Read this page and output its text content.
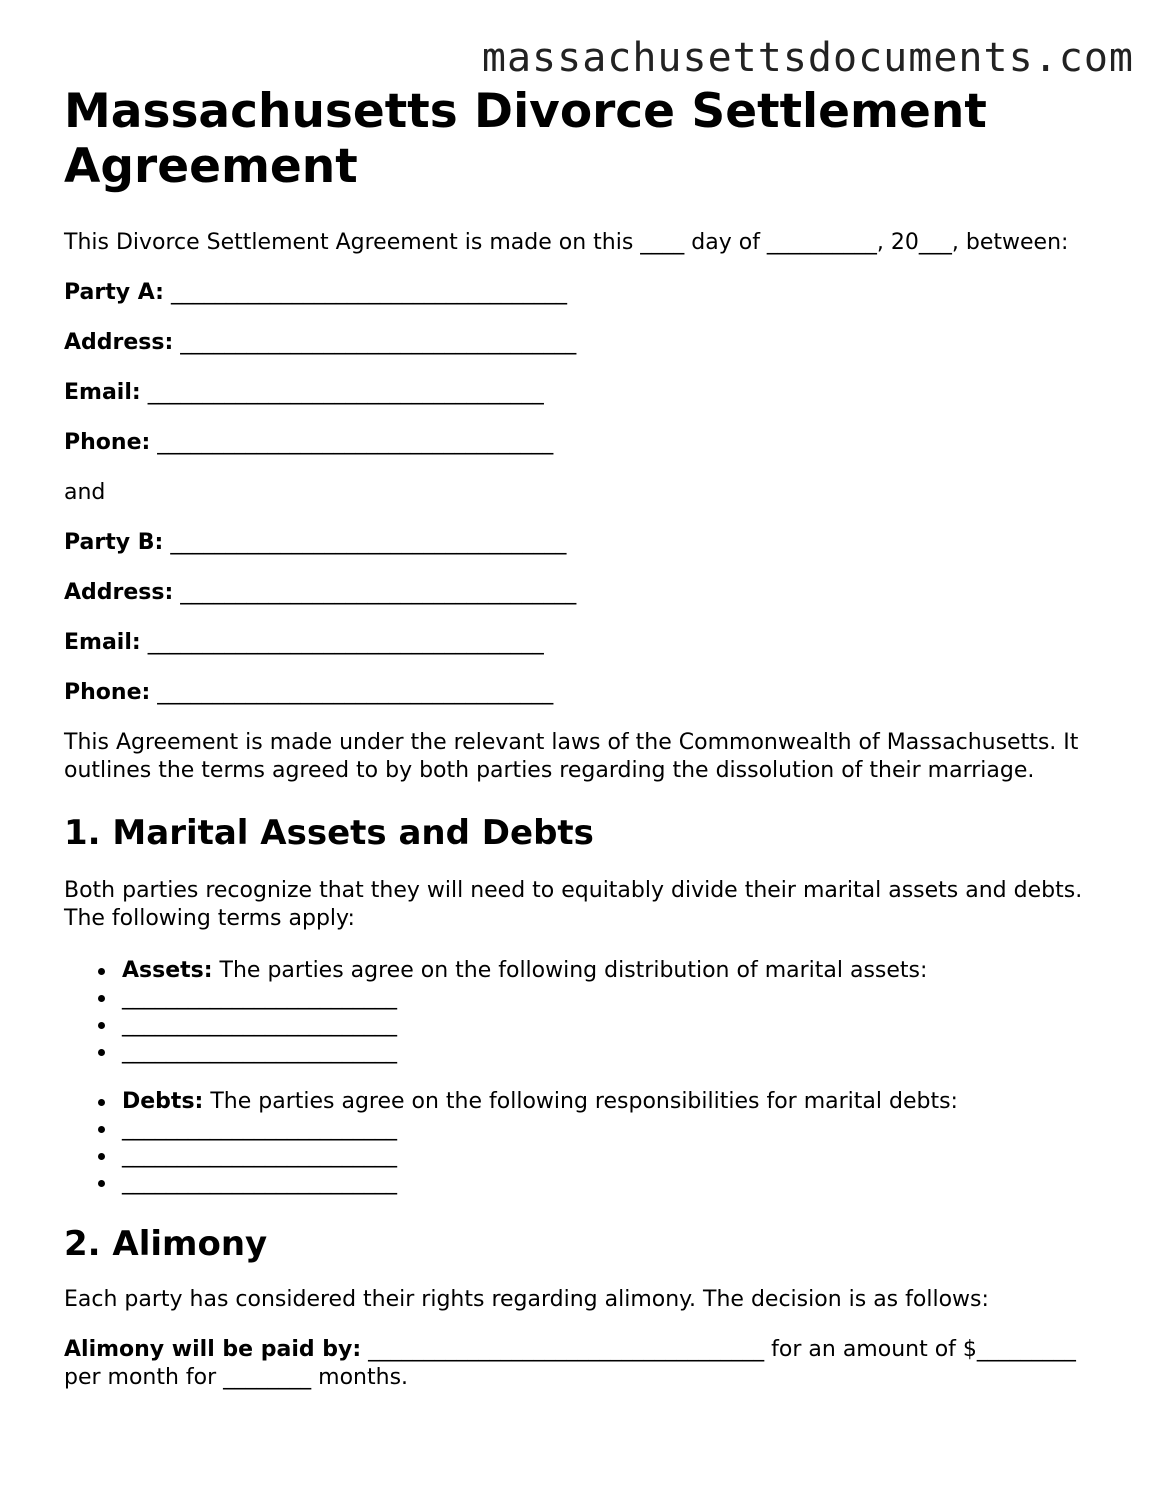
massachusettsdocuments.com
Massachusetts Divorce Settlement Agreement

This Divorce Settlement Agreement is made on this ____ day of __________, 20___, between:

Party A: ____________________________________

Address: ____________________________________

Email: ____________________________________

Phone: ____________________________________

and

Party B: ____________________________________

Address: ____________________________________

Email: ____________________________________

Phone: ____________________________________

This Agreement is made under the relevant laws of the Commonwealth of Massachusetts. It outlines the terms agreed to by both parties regarding the dissolution of their marriage.

1. Marital Assets and Debts

Both parties recognize that they will need to equitably divide their marital assets and debts. The following terms apply:

Assets: The parties agree on the following distribution of marital assets:
_________________________
_________________________
_________________________
Debts: The parties agree on the following responsibilities for marital debts:
_________________________
_________________________
_________________________
2. Alimony

Each party has considered their rights regarding alimony. The decision is as follows:

Alimony will be paid by: ____________________________________ for an amount of $_________ per month for ________ months.
